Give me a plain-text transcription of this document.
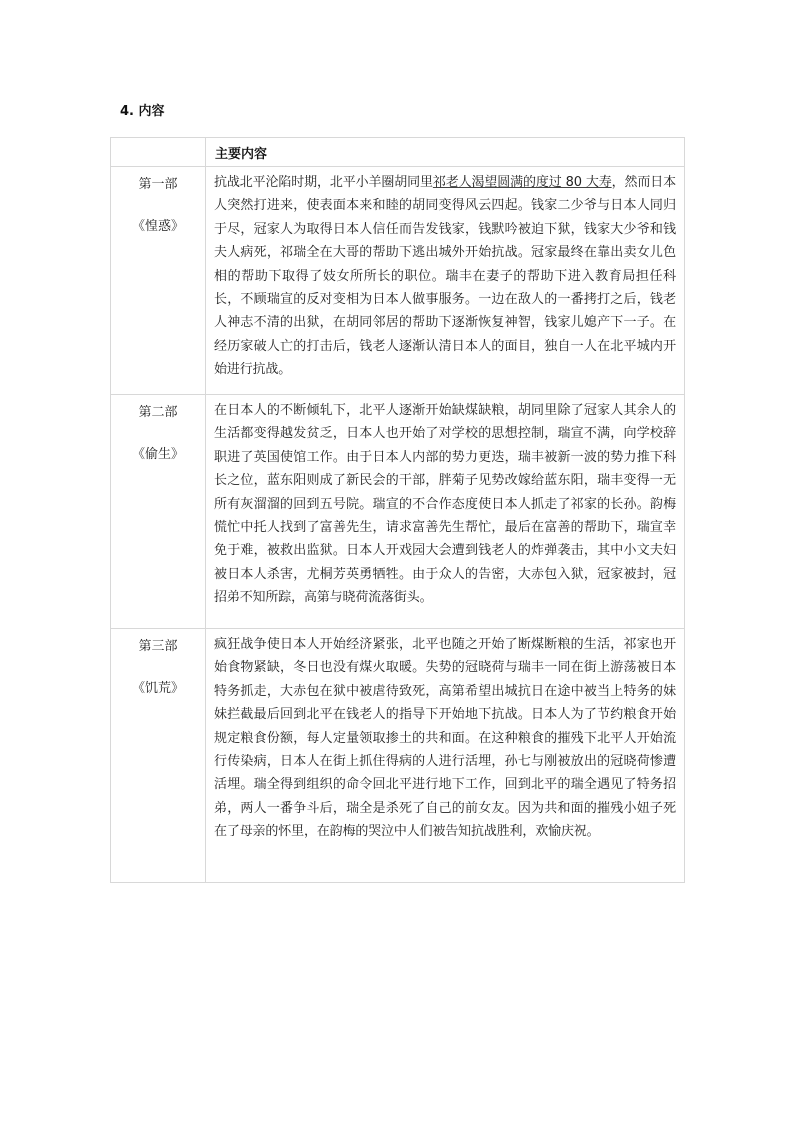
4. 内容
	主要内容

第一部
《惶惑》	抗战北平沦陷时期，北平小羊圈胡同里祁老人渴望圆满的度过 80 大寿，然而日本人突然打进来，使表面本来和睦的胡同变得风云四起。钱家二少爷与日本人同归于尽，冠家人为取得日本人信任而告发钱家，钱默吟被迫下狱，钱家大少爷和钱夫人病死，祁瑞全在大哥的帮助下逃出城外开始抗战。冠家最终在靠出卖女儿色相的帮助下取得了妓女所所长的职位。瑞丰在妻子的帮助下进入教育局担任科长，不顾瑞宣的反对变相为日本人做事服务。一边在敌人的一番拷打之后，钱老人神志不清的出狱，在胡同邻居的帮助下逐渐恢复神智，钱家儿媳产下一子。在经历家破人亡的打击后，钱老人逐渐认清日本人的面目，独自一人在北平城内开始进行抗战。

第二部
《偷生》	在日本人的不断倾轧下，北平人逐渐开始缺煤缺粮，胡同里除了冠家人其余人的生活都变得越发贫乏，日本人也开始了对学校的思想控制，瑞宣不满，向学校辞职进了英国使馆工作。由于日本人内部的势力更迭，瑞丰被新一波的势力推下科长之位，蓝东阳则成了新民会的干部，胖菊子见势改嫁给蓝东阳，瑞丰变得一无所有灰溜溜的回到五号院。瑞宣的不合作态度使日本人抓走了祁家的长孙。韵梅慌忙中托人找到了富善先生，请求富善先生帮忙，最后在富善的帮助下，瑞宣幸免于难，被救出监狱。日本人开戏园大会遭到钱老人的炸弹袭击，其中小文夫妇被日本人杀害，尤桐芳英勇牺牲。由于众人的告密，大赤包入狱，冠家被封，冠招弟不知所踪，高第与晓荷流落街头。

第三部
《饥荒》	疯狂战争使日本人开始经济紧张，北平也随之开始了断煤断粮的生活，祁家也开始食物紧缺，冬日也没有煤火取暖。失势的冠晓荷与瑞丰一同在街上游荡被日本特务抓走，大赤包在狱中被虐待致死，高第希望出城抗日在途中被当上特务的妹妹拦截最后回到北平在钱老人的指导下开始地下抗战。日本人为了节约粮食开始规定粮食份额，每人定量领取掺土的共和面。在这种粮食的摧残下北平人开始流行传染病，日本人在街上抓住得病的人进行活埋，孙七与刚被放出的冠晓荷惨遭活埋。瑞全得到组织的命令回北平进行地下工作，回到北平的瑞全遇见了特务招弟，两人一番争斗后，瑞全是杀死了自己的前女友。因为共和面的摧残小妞子死在了母亲的怀里，在韵梅的哭泣中人们被告知抗战胜利，欢愉庆祝。
